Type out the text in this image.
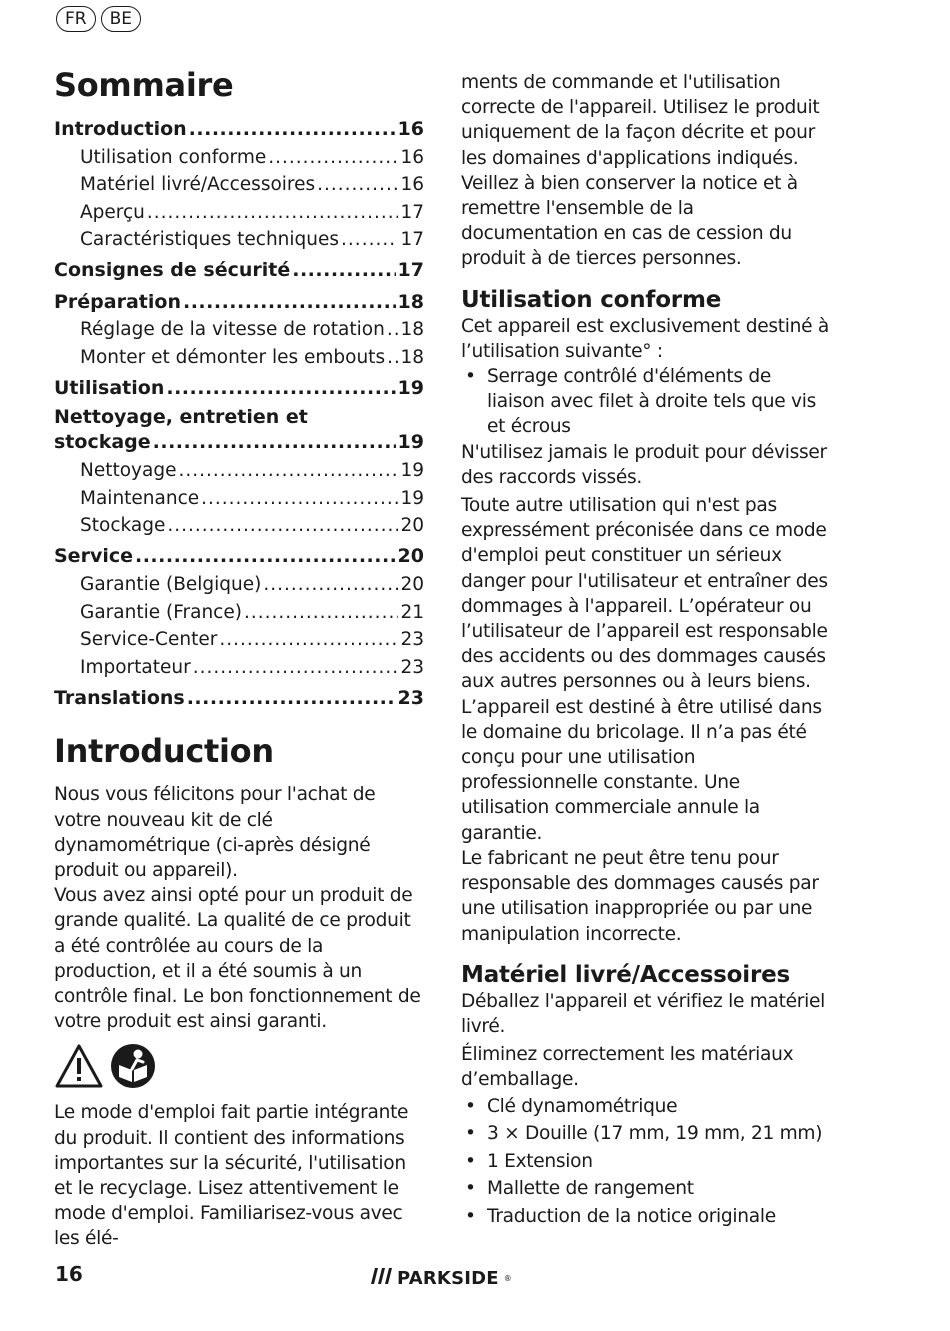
FR	BE
Sommaire
Introduction .....	16
Utilisation conforme .....	16
Matériel livré/Accessoires .....	16
Aperçu .....	17
Caractéristiques techniques .....	17
Consignes de sécurité .....	17
Préparation .....	18
Réglage de la vitesse de rotation ..... 18
Monter et démonter les embouts ..... 18
Utilisation .....	19
Nettoyage, entretien et
stockage .....	19
Nettoyage .....	19
Maintenance .....	19
Stockage .....	20
Service .....	20
Garantie (Belgique) .....	20
Garantie (France) .....	21
Service-Center .....	23
Importateur .....	23
Translations .....	23
Introduction

Nous vous félicitons pour l'achat de votre nouveau kit de clé dynamométrique (ci-après désigné produit ou appareil).

Vous avez ainsi opté pour un produit de grande qualité. La qualité de ce produit a été contrôlée au cours de la production, et il a été soumis à un contrôle final. Le bon fonctionnement de votre produit est ainsi garanti.

Le mode d'emploi fait partie intégrante du produit. Il contient des informations importantes sur la sécurité, l'utilisation et le recyclage. Lisez attentivement le mode d'emploi. Familiarisez-vous avec les élé-

ments de commande et l'utilisation correcte de l'appareil. Utilisez le produit uniquement de la façon décrite et pour les domaines d'applications indiqués. Veillez à bien conserver la notice et à remettre l'ensemble de la documentation en cas de cession du produit à de tierces personnes.

Utilisation conforme

Cet appareil est exclusivement destiné à l’utilisation suivante° :

• Serrage contrôlé d'éléments de liaison avec filet à droite tels que vis et écrous

N'utilisez jamais le produit pour dévisser des raccords vissés.

Toute autre utilisation qui n'est pas expressément préconisée dans ce mode d'emploi peut constituer un sérieux danger pour l'utilisateur et entraîner des dommages à l'appareil. L’opérateur ou l’utilisateur de l’appareil est responsable des accidents ou des dommages causés aux autres personnes ou à leurs biens. L’appareil est destiné à être utilisé dans le domaine du bricolage. Il n’a pas été conçu pour une utilisation professionnelle constante. Une utilisation commerciale annule la garantie.

Le fabricant ne peut être tenu pour responsable des dommages causés par une utilisation inappropriée ou par une manipulation incorrecte.

Matériel livré/Accessoires

Déballez l'appareil et vérifiez le matériel livré.

Éliminez correctement les matériaux d’emballage.

• Clé dynamométrique
• 3 × Douille (17 mm, 19 mm, 21 mm)
• 1 Extension
• Mallette de rangement
• Traduction de la notice originale
16	PARKSIDE ®
